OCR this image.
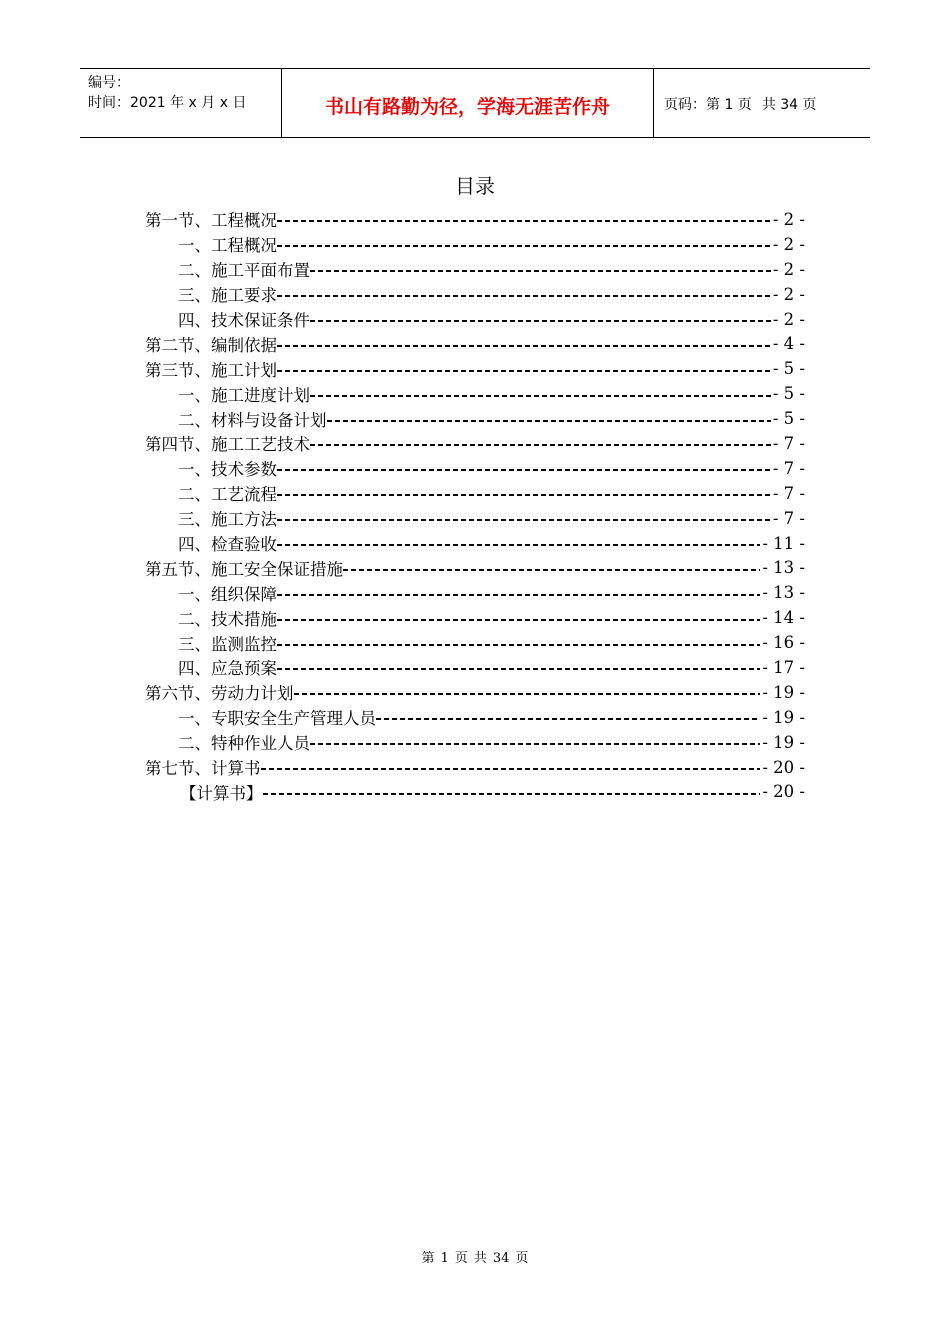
编号：
时间：2021 年 x 月 x 日	书山有路勤为径，学海无涯苦作舟	页码：第 1 页 共 34 页
目录
第一节、工程概况	- 2 -
一、工程概况	- 2 -
二、施工平面布置	- 2 -
三、施工要求	- 2 -
四、技术保证条件	- 2 -
第二节、编制依据	- 4 -
第三节、施工计划	- 5 -
一、施工进度计划	- 5 -
二、材料与设备计划	- 5 -
第四节、施工工艺技术	- 7 -
一、技术参数	- 7 -
二、工艺流程	- 7 -
三、施工方法	- 7 -
四、检查验收	- 11 -
第五节、施工安全保证措施	- 13 -
一、组织保障	- 13 -
二、技术措施	- 14 -
三、监测监控	- 16 -
四、应急预案	- 17 -
第六节、劳动力计划	- 19 -
一、专职安全生产管理人员	- 19 -
二、特种作业人员	- 19 -
第七节、计算书	- 20 -
【计算书】	- 20 -
第 1 页 共 34 页
